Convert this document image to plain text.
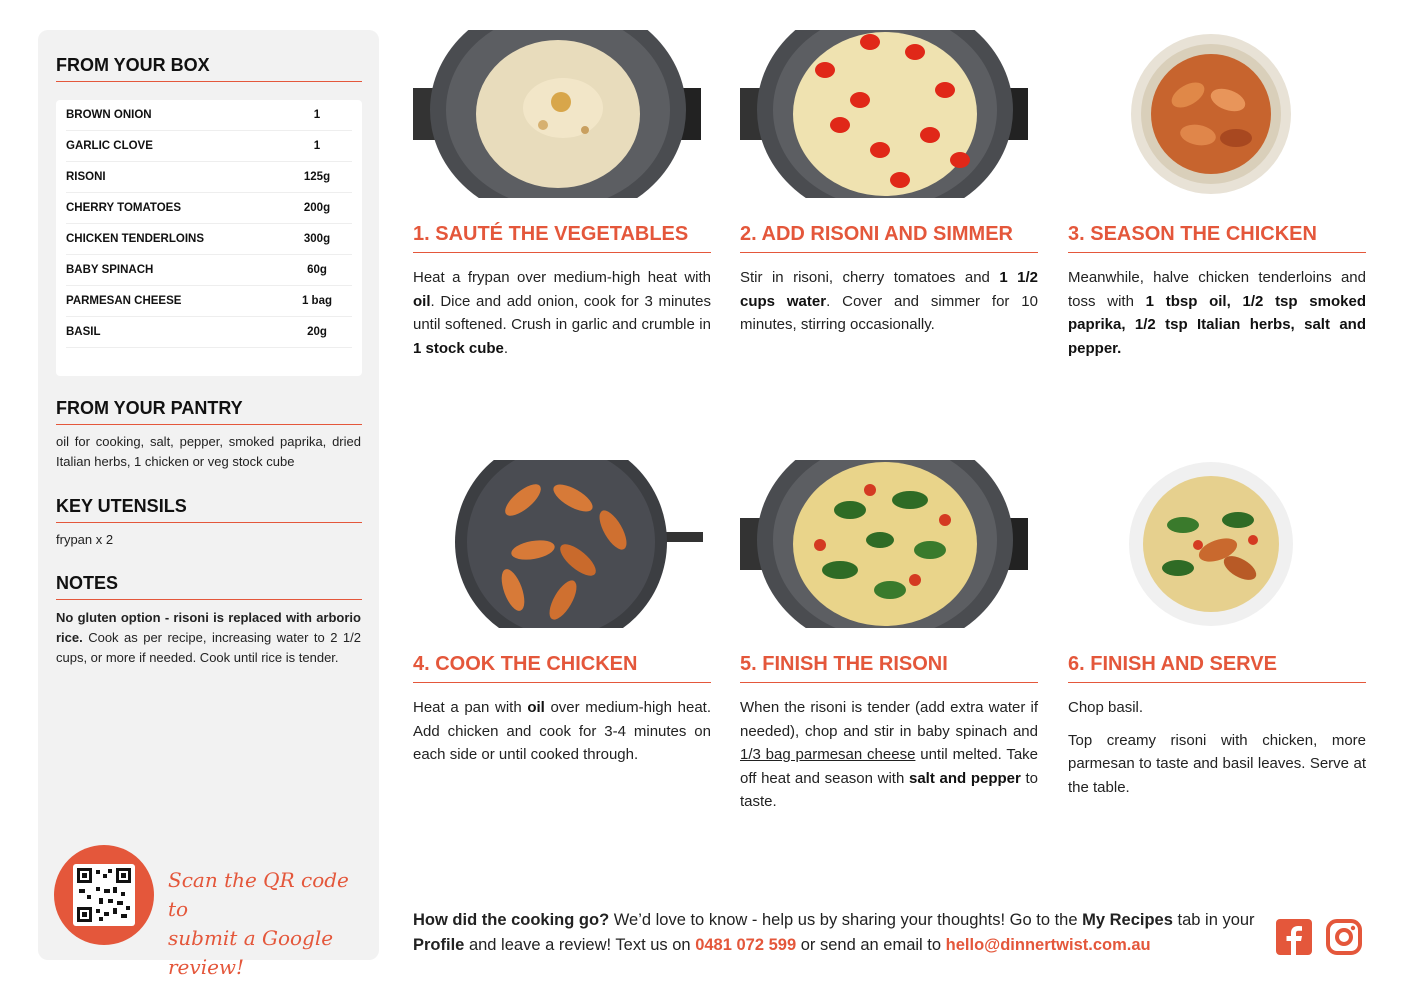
FROM YOUR BOX
BROWN ONION	1
GARLIC CLOVE	1
RISONI	125g
CHERRY TOMATOES	200g
CHICKEN TENDERLOINS	300g
BABY SPINACH	60g
PARMESAN CHEESE	1 bag
BASIL	20g
FROM YOUR PANTRY
oil for cooking, salt, pepper, smoked paprika, dried Italian herbs, 1 chicken or veg stock cube
KEY UTENSILS
frypan x 2
NOTES
No gluten option - risoni is replaced with arborio rice. Cook as per recipe, increasing water to 2 1/2 cups, or more if needed. Cook until rice is tender.
Scan the QR code to
submit a Google review!
1. SAUTÉ THE VEGETABLES
Heat a frypan over medium-high heat with oil. Dice and add onion, cook for 3 minutes until softened. Crush in garlic and crumble in 1 stock cube.
2. ADD RISONI AND SIMMER
Stir in risoni, cherry tomatoes and 1 1/2 cups water. Cover and simmer for 10 minutes, stirring occasionally.
3. SEASON THE CHICKEN
Meanwhile, halve chicken tenderloins and toss with 1 tbsp oil, 1/2 tsp smoked paprika, 1/2 tsp Italian herbs, salt and pepper.
4. COOK THE CHICKEN
Heat a pan with oil over medium-high heat. Add chicken and cook for 3-4 minutes on each side or until cooked through.
5. FINISH THE RISONI
When the risoni is tender (add extra water if needed), chop and stir in baby spinach and 1/3 bag parmesan cheese until melted. Take off heat and season with salt and pepper to taste.
6. FINISH AND SERVE

Chop basil.

Top creamy risoni with chicken, more parmesan to taste and basil leaves. Serve at the table.

How did the cooking go? We’d love to know - help us by sharing your thoughts! Go to the My Recipes tab in your Profile and leave a review! Text us on 0481 072 599 or send an email to hello@dinnertwist.com.au
